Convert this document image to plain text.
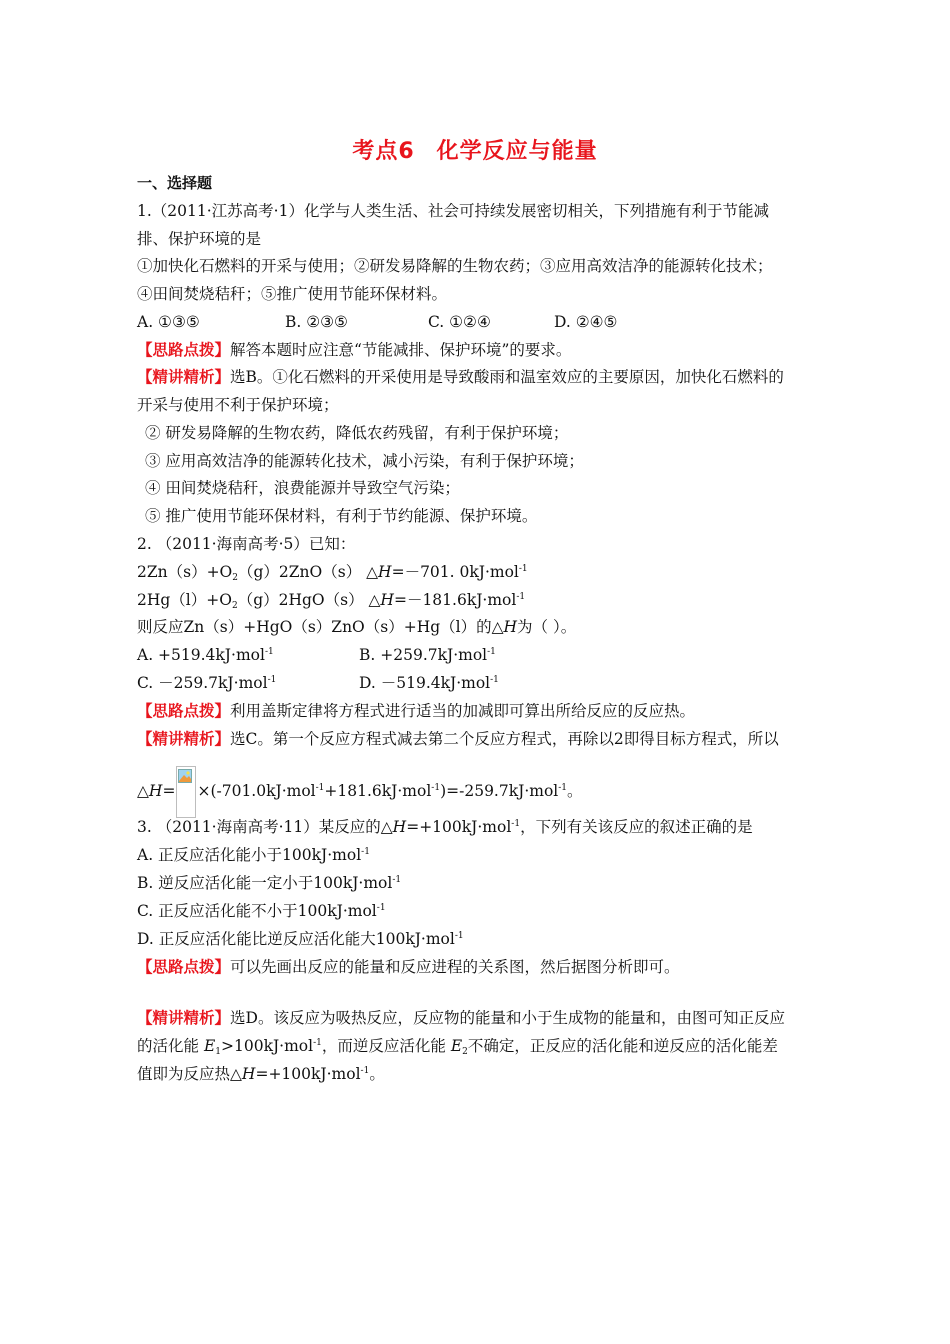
考点6 化学反应与能量
一、选择题
1.（2011·江苏高考·1）化学与人类生活、社会可持续发展密切相关，下列措施有利于节能减
排、保护环境的是
①加快化石燃料的开采与使用；②研发易降解的生物农药；③应用高效洁净的能源转化技术；
④田间焚烧秸秆；⑤推广使用节能环保材料。
A. ①③⑤	B. ②③⑤	C. ①②④	D. ②④⑤
【思路点拨】解答本题时应注意“节能减排、保护环境”的要求。
【精讲精析】选B。①化石燃料的开采使用是导致酸雨和温室效应的主要原因，加快化石燃料的
开采与使用不利于保护环境；
② 研发易降解的生物农药，降低农药残留，有利于保护环境；
③ 应用高效洁净的能源转化技术，减小污染，有利于保护环境；
④ 田间焚烧秸秆，浪费能源并导致空气污染；
⑤ 推广使用节能环保材料，有利于节约能源、保护环境。
2. （2011·海南高考·5）已知：
$2Zn(s)+O_2(g)2ZnO(s)$ △H=－701. 0kJ·mol$^{-1}$
$2Hg(l)+O_2(g)2HgO(s)$ △H=－181.6kJ·mol$^{-1}$
则反应Zn（s）+HgO（s）ZnO（s）+Hg（l）的△H为（ ）。
A. +519.4kJ·mol$^{-1}$	B. +259.7kJ·mol$^{-1}$
C. －259.7kJ·mol$^{-1}$	D. －519.4kJ·mol$^{-1}$
【思路点拨】利用盖斯定律将方程式进行适当的加减即可算出所给反应的反应热。
【精讲精析】选C。第一个反应方程式减去第二个反应方程式，再除以2即得目标方程式，所以
△H= ×(-701.0kJ·mol$^{-1}$+181.6kJ·mol$^{-1}$)=-259.7kJ·mol$^{-1}$。
3. （2011·海南高考·11）某反应的△H=+100kJ·mol$^{-1}$，下列有关该反应的叙述正确的是
A. 正反应活化能小于100kJ·mol$^{-1}$
B. 逆反应活化能一定小于100kJ·mol$^{-1}$
C. 正反应活化能不小于100kJ·mol$^{-1}$
D. 正反应活化能比逆反应活化能大100kJ·mol$^{-1}$
【思路点拨】可以先画出反应的能量和反应进程的关系图，然后据图分析即可。
【精讲精析】选D。该反应为吸热反应，反应物的能量和小于生成物的能量和，由图可知正反应
的活化能 $E_1>100kJ\cdot mol^{-1}$，而逆反应活化能 $E_2$不确定，正反应的活化能和逆反应的活化能差
值即为反应热△H=+100kJ·mol$^{-1}$。
